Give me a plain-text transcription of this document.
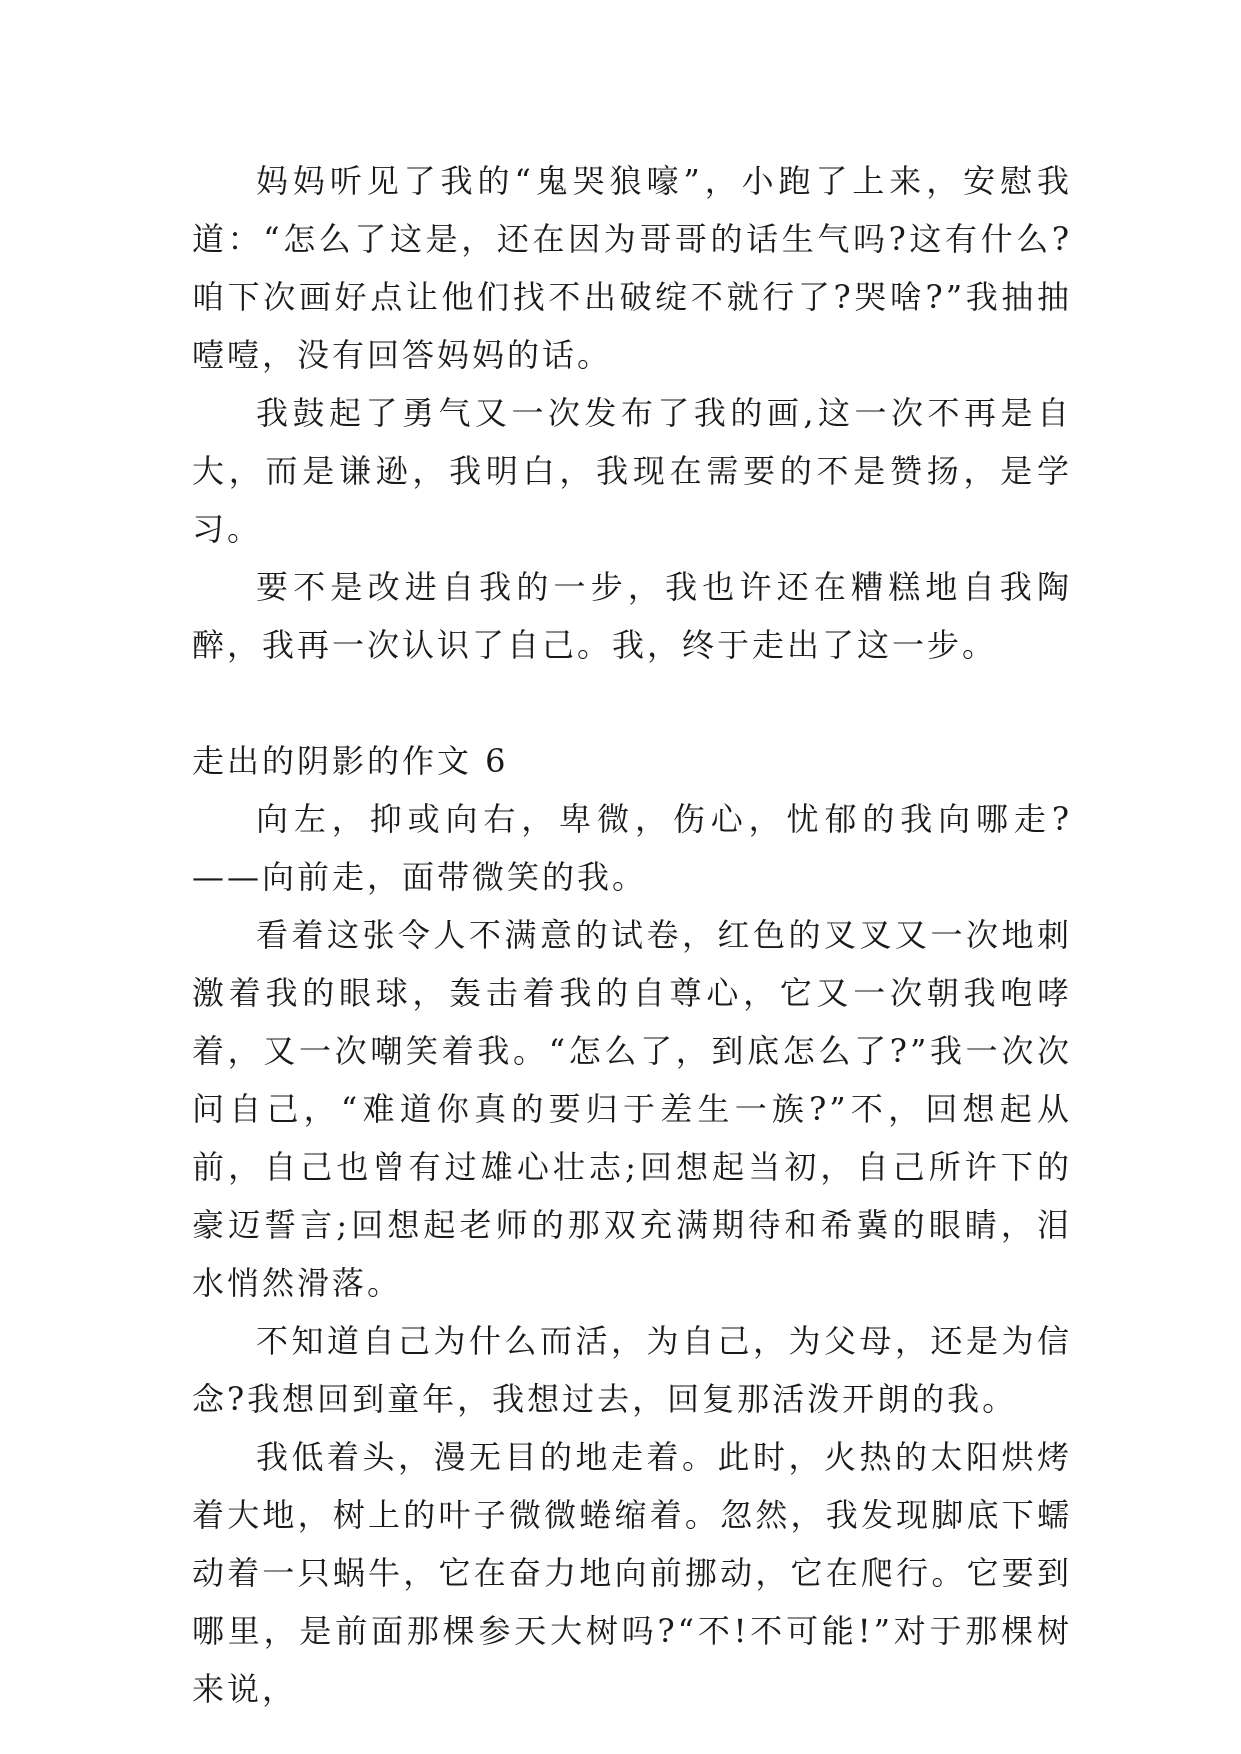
妈妈听见了我的“鬼哭狼嚎”，小跑了上来，安慰我道：“怎么了这是，还在因为哥哥的话生气吗?这有什么?咱下次画好点让他们找不出破绽不就行了?哭啥?”我抽抽噎噎，没有回答妈妈的话。

我鼓起了勇气又一次发布了我的画,这一次不再是自大，而是谦逊，我明白，我现在需要的不是赞扬，是学习。

要不是改进自我的一步，我也许还在糟糕地自我陶醉，我再一次认识了自己。我，终于走出了这一步。

走出的阴影的作文 6

向左，抑或向右，卑微，伤心，忧郁的我向哪走?——向前走，面带微笑的我。

看着这张令人不满意的试卷，红色的叉叉又一次地刺激着我的眼球，轰击着我的自尊心，它又一次朝我咆哮着，又一次嘲笑着我。“怎么了，到底怎么了?”我一次次问自己，“难道你真的要归于差生一族?”不，回想起从前，自己也曾有过雄心壮志;回想起当初，自己所许下的豪迈誓言;回想起老师的那双充满期待和希冀的眼睛，泪水悄然滑落。

不知道自己为什么而活，为自己，为父母，还是为信念?我想回到童年，我想过去，回复那活泼开朗的我。

我低着头，漫无目的地走着。此时，火热的太阳烘烤着大地，树上的叶子微微蜷缩着。忽然，我发现脚底下蠕动着一只蜗牛，它在奋力地向前挪动，它在爬行。它要到哪里，是前面那棵参天大树吗?“不!不可能!”对于那棵树来说，
